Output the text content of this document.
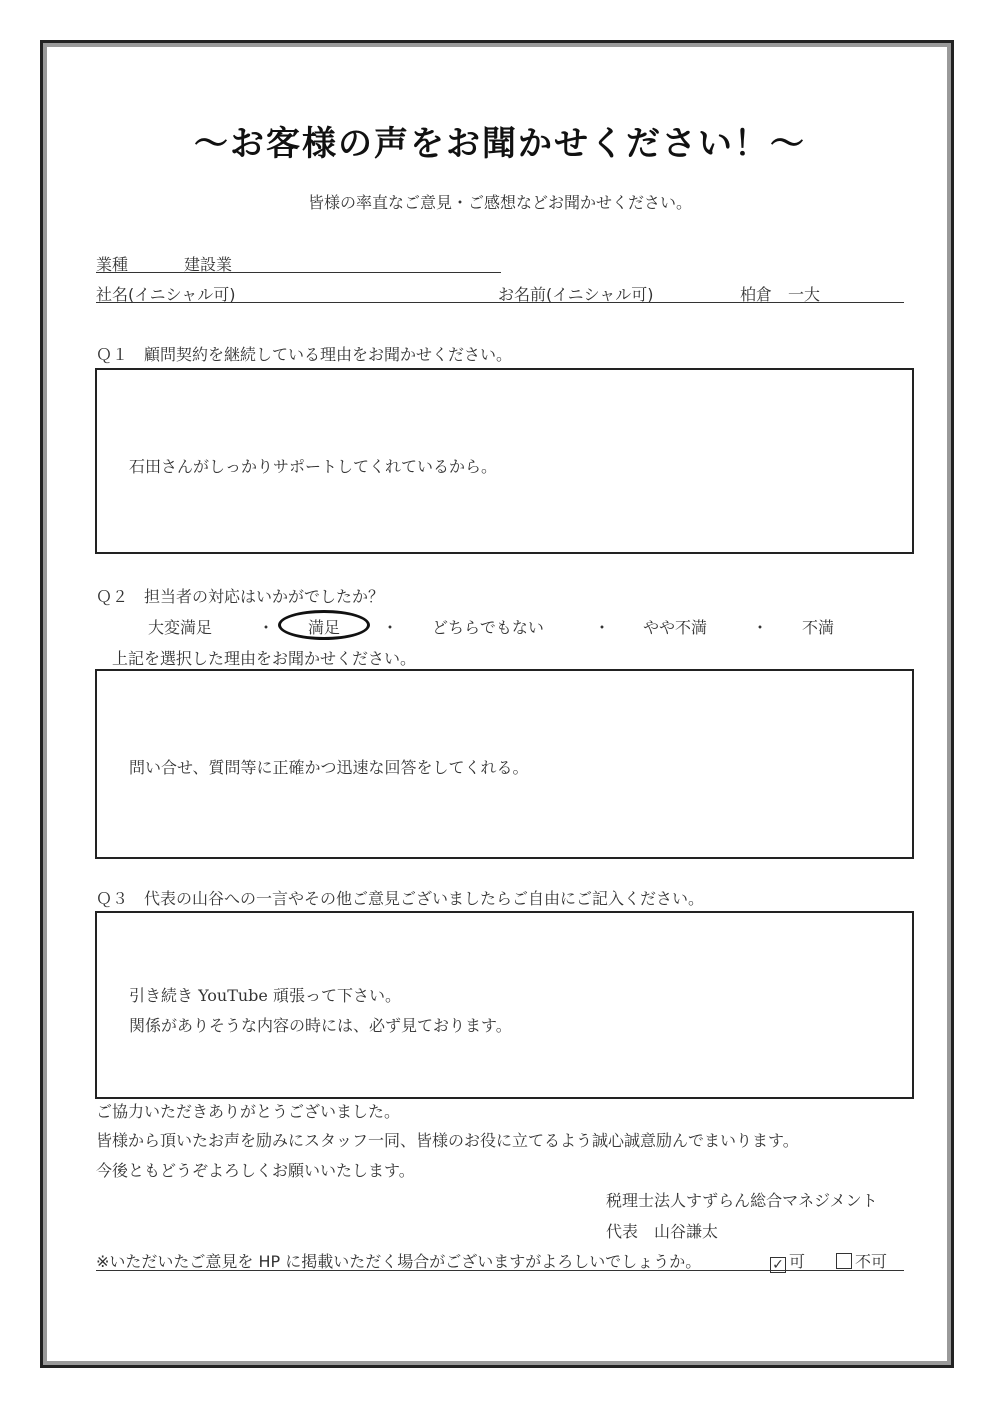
〜お客様の声をお聞かせください！〜
皆様の率直なご意見・ご感想などお聞かせください。
業種	建設業
社名(イニシャル可)	お名前(イニシャル可)	柏倉　一大
Ｑ１　顧問契約を継続している理由をお聞かせください。
石田さんがしっかりサポートしてくれているから。
Ｑ２　担当者の対応はいかがでしたか？
大変満足	・ 満足	・ どちらでもない	・ やや不満	・ 不満
上記を選択した理由をお聞かせください。
問い合せ、質問等に正確かつ迅速な回答をしてくれる。
Ｑ３　代表の山谷への一言やその他ご意見ございましたらご自由にご記入ください。
引き続き YouTube 頑張って下さい。
関係がありそうな内容の時には、必ず見ております。
ご協力いただきありがとうございました。
皆様から頂いたお声を励みにスタッフ一同、皆様のお役に立てるよう誠心誠意励んでまいります。
今後ともどうぞよろしくお願いいたします。
税理士法人すずらん総合マネジメント
代表　山谷謙太
※いただいたご意見を HP に掲載いただく場合がございますがよろしいでしょうか。	✓ 可	不可
